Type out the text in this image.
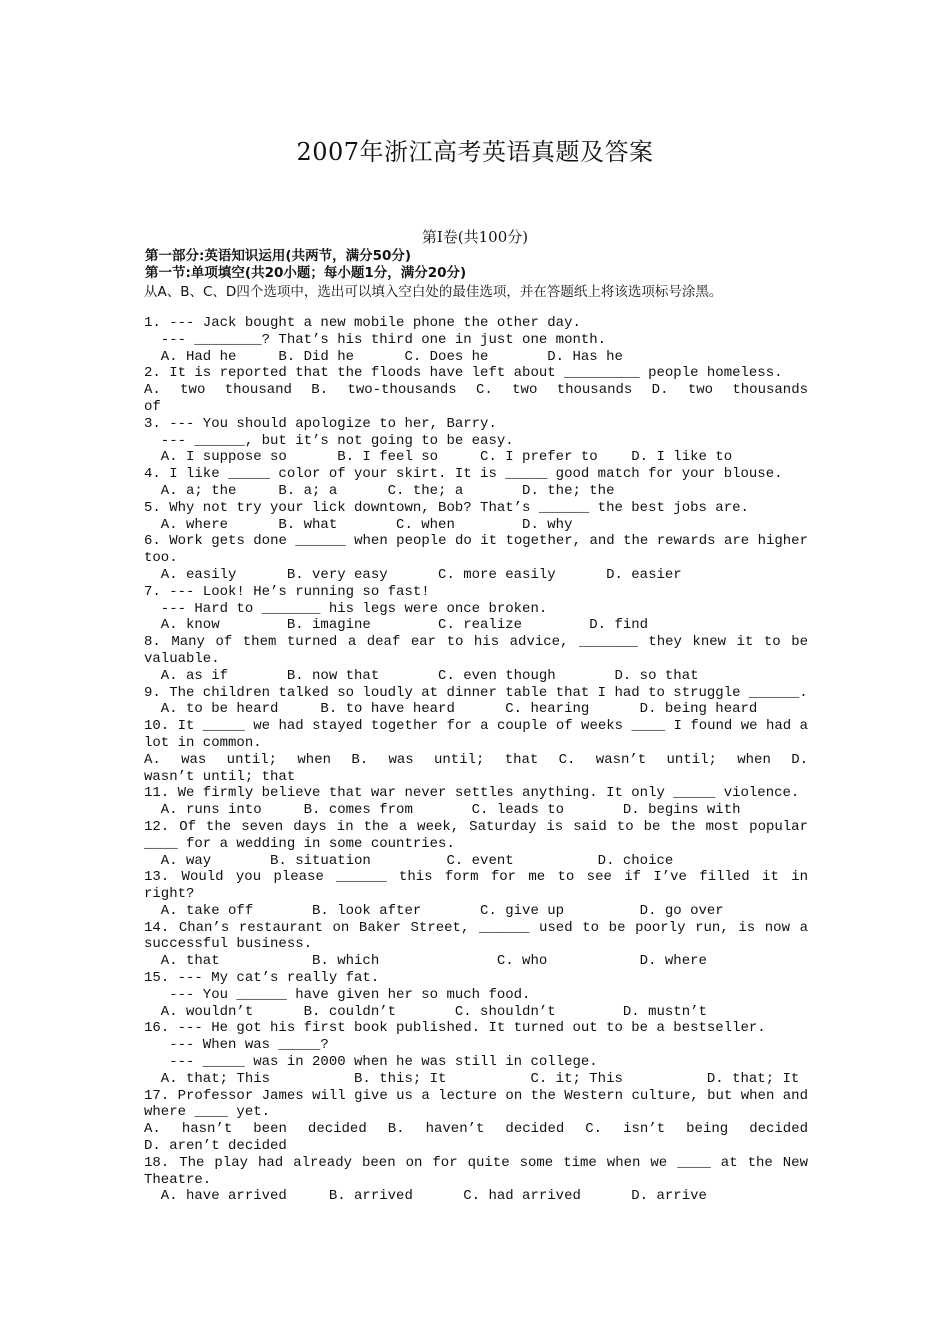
2007年浙江高考英语真题及答案
第Ⅰ卷(共100分)
第一部分:英语知识运用(共两节，满分50分)
第一节:单项填空(共20小题；每小题1分，满分20分)
从A、B、C、D四个选项中，选出可以填入空白处的最佳选项，并在答题纸上将该选项标号涂黑。
1. --- Jack bought a new mobile phone the other day.
--- ________? That’s his third one in just one month.
A. Had he     B. Did he      C. Does he       D. Has he
2. It is reported that the floods have left about _________ people homeless.
A. two thousand B. two-thousands C. two thousands D. two thousands
of
3. --- You should apologize to her, Barry.
--- ______, but it’s not going to be easy.
A. I suppose so      B. I feel so     C. I prefer to    D. I like to
4. I like _____ color of your skirt. It is _____ good match for your blouse.
A. a; the     B. a; a      C. the; a       D. the; the
5. Why not try your lick downtown, Bob? That’s ______ the best jobs are.
A. where      B. what       C. when        D. why
6. Work gets done ______ when people do it together, and the rewards are higher
too.
A. easily      B. very easy      C. more easily      D. easier
7. --- Look! He’s running so fast!
--- Hard to _______ his legs were once broken.
A. know        B. imagine        C. realize        D. find
8. Many of them turned a deaf ear to his advice, _______ they knew it to be
valuable.
A. as if       B. now that       C. even though       D. so that
9. The children talked so loudly at dinner table that I had to struggle ______.
A. to be heard     B. to have heard      C. hearing      D. being heard
10. It _____ we had stayed together for a couple of weeks ____ I found we had a
lot in common.
A. was until; when B. was until; that C. wasn’t until; when D.
wasn’t until; that
11. We firmly believe that war never settles anything. It only _____ violence.
A. runs into     B. comes from       C. leads to       D. begins with
12. Of the seven days in the a week, Saturday is said to be the most popular
____ for a wedding in some countries.
A. way       B. situation         C. event          D. choice
13. Would you please ______ this form for me to see if I’ve filled it in
right?
A. take off       B. look after       C. give up         D. go over
14. Chan’s restaurant on Baker Street, ______ used to be poorly run, is now a
successful business.
A. that           B. which              C. who           D. where
15. --- My cat’s really fat.
--- You ______ have given her so much food.
A. wouldn’t      B. couldn’t       C. shouldn’t        D. mustn’t
16. --- He got his first book published. It turned out to be a bestseller.
--- When was _____?
--- _____ was in 2000 when he was still in college.
A. that; This          B. this; It          C. it; This          D. that; It
17. Professor James will give us a lecture on the Western culture, but when and
where ____ yet.
A. hasn’t been decided B. haven’t decided C. isn’t being decided
D. aren’t decided
18. The play had already been on for quite some time when we ____ at the New
Theatre.
A. have arrived     B. arrived      C. had arrived      D. arrive
